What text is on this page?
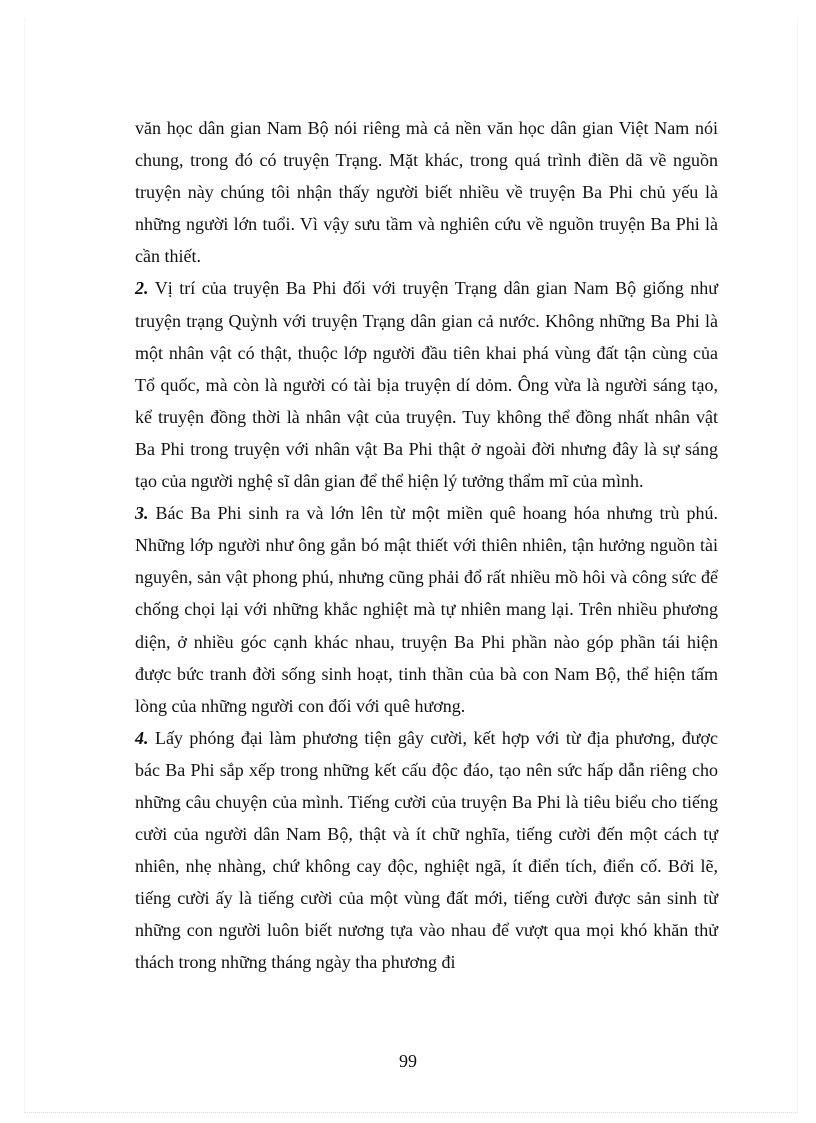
văn học dân gian Nam Bộ nói riêng mà cả nền văn học dân gian Việt Nam nói chung, trong đó có truyện Trạng. Mặt khác, trong quá trình điền dã về nguồn truyện này chúng tôi nhận thấy người biết nhiều về truyện Ba Phi chủ yếu là những người lớn tuổi. Vì vậy sưu tầm và nghiên cứu về nguồn truyện Ba Phi là cần thiết.

2. Vị trí của truyện Ba Phi đối với truyện Trạng dân gian Nam Bộ giống như truyện trạng Quỳnh với truyện Trạng dân gian cả nước. Không những Ba Phi là một nhân vật có thật, thuộc lớp người đầu tiên khai phá vùng đất tận cùng của Tổ quốc, mà còn là người có tài bịa truyện dí dỏm. Ông vừa là người sáng tạo, kể truyện đồng thời là nhân vật của truyện. Tuy không thể đồng nhất nhân vật Ba Phi trong truyện với nhân vật Ba Phi thật ở ngoài đời nhưng đây là sự sáng tạo của người nghệ sĩ dân gian để thể hiện lý tưởng thẩm mĩ của mình.

3. Bác Ba Phi sinh ra và lớn lên từ một miền quê hoang hóa nhưng trù phú. Những lớp người như ông gắn bó mật thiết với thiên nhiên, tận hưởng nguồn tài nguyên, sản vật phong phú, nhưng cũng phải đổ rất nhiều mồ hôi và công sức để chống chọi lại với những khắc nghiệt mà tự nhiên mang lại. Trên nhiều phương diện, ở nhiều góc cạnh khác nhau, truyện Ba Phi phần nào góp phần tái hiện được bức tranh đời sống sinh hoạt, tinh thần của bà con Nam Bộ, thể hiện tấm lòng của những người con đối với quê hương.

4. Lấy phóng đại làm phương tiện gây cười, kết hợp với từ địa phương, được bác Ba Phi sắp xếp trong những kết cấu độc đáo, tạo nên sức hấp dẫn riêng cho những câu chuyện của mình. Tiếng cười của truyện Ba Phi là tiêu biểu cho tiếng cười của người dân Nam Bộ, thật và ít chữ nghĩa, tiếng cười đến một cách tự nhiên, nhẹ nhàng, chứ không cay độc, nghiệt ngã, ít điển tích, điển cố. Bởi lẽ, tiếng cười ấy là tiếng cười của một vùng đất mới, tiếng cười được sản sinh từ những con người luôn biết nương tựa vào nhau để vượt qua mọi khó khăn thử thách trong những tháng ngày tha phương đi

99
